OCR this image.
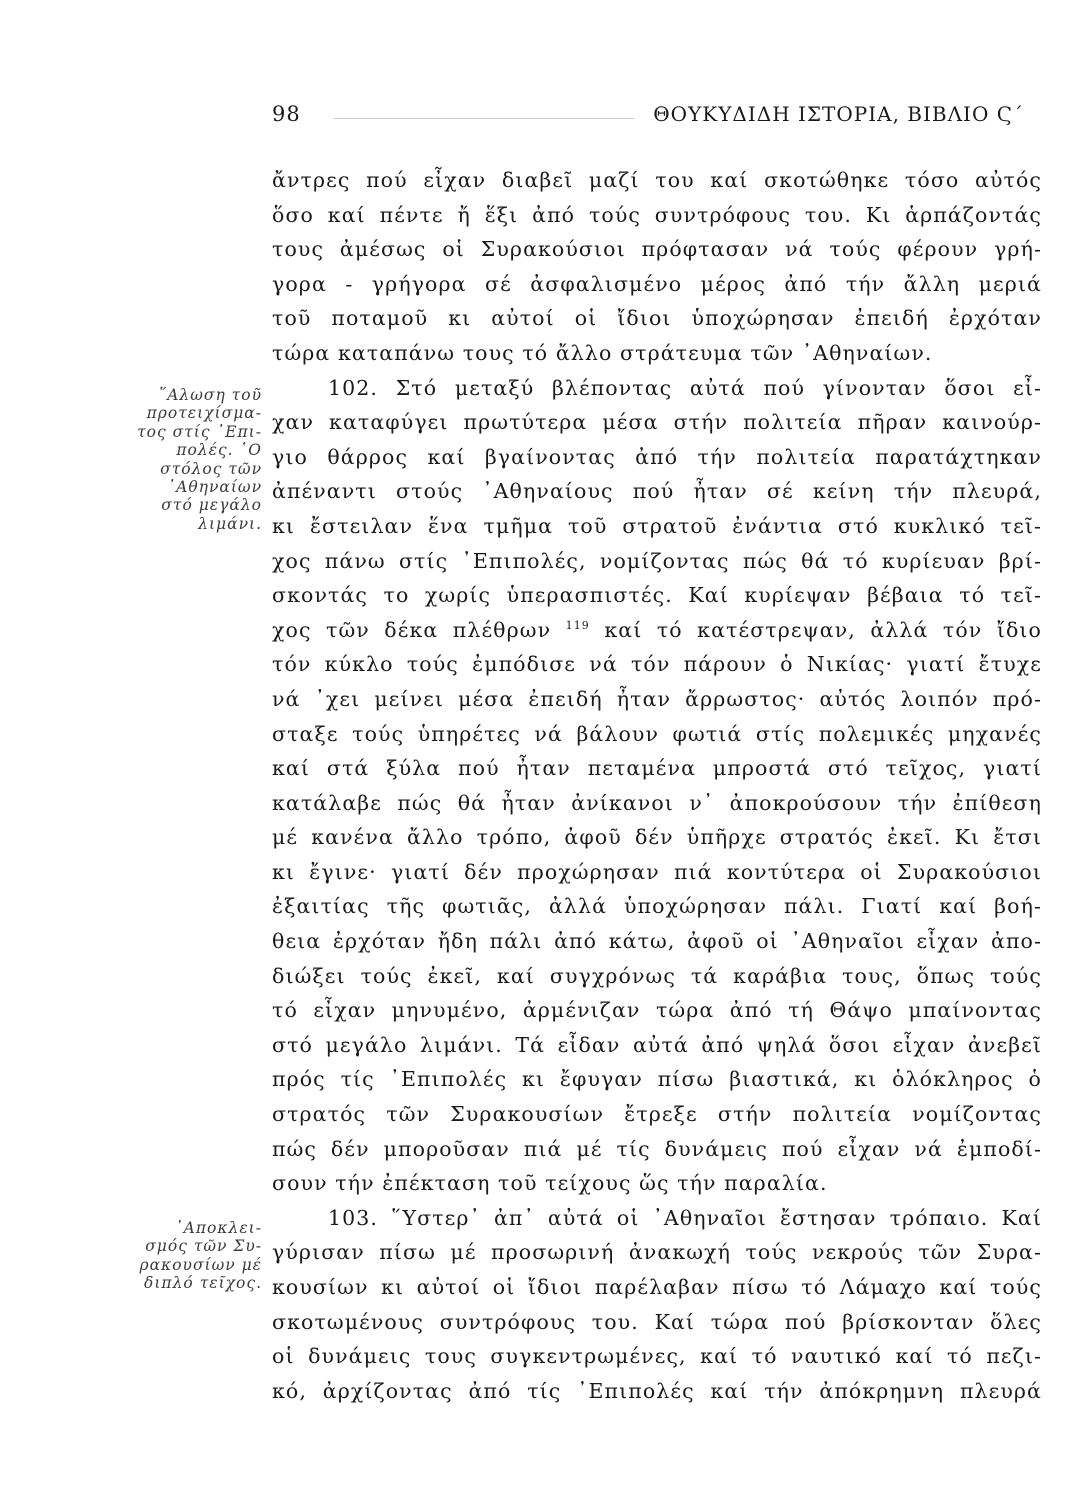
98	ΘΟΥΚΥΔΙΔΗ ΙΣΤΟΡΙΑ, ΒΙΒΛΙΟ Ϛ΄
῞Αλωση τοῦ
προτειχίσμα-
τος στίς ᾿Επι-
πολές. ῾Ο
στόλος τῶν
᾿Αθηναίων
στό μεγάλο
λιμάνι.
᾿Αποκλει-
σμός τῶν Συ-
ρακουσίων μέ
διπλό τεῖχος.
ἄντρες πού εἶχαν διαβεῖ μαζί του καί σκοτώθηκε τόσο αὐτός
ὅσο καί πέντε ἤ ἕξι ἀπό τούς συντρόφους του. Κι ἁρπάζοντάς
τους ἀμέσως οἱ Συρακούσιοι πρόφτασαν νά τούς φέρουν γρή-
γορα - γρήγορα σέ ἀσφαλισμένο μέρος ἀπό τήν ἄλλη μεριά
τοῦ ποταμοῦ κι αὐτοί οἱ ἴδιοι ὑποχώρησαν ἐπειδή ἐρχόταν
τώρα καταπάνω τους τό ἄλλο στράτευμα τῶν ᾿Αθηναίων.
102. Στό μεταξύ βλέποντας αὐτά πού γίνονταν ὅσοι εἶ-
χαν καταφύγει πρωτύτερα μέσα στήν πολιτεία πῆραν καινούρ-
γιο θάρρος καί βγαίνοντας ἀπό τήν πολιτεία παρατάχτηκαν
ἀπέναντι στούς ᾿Αθηναίους πού ἦταν σέ κείνη τήν πλευρά,
κι ἔστειλαν ἕνα τμῆμα τοῦ στρατοῦ ἐνάντια στό κυκλικό τεῖ-
χος πάνω στίς ᾿Επιπολές, νομίζοντας πώς θά τό κυρίευαν βρί-
σκοντάς το χωρίς ὑπερασπιστές. Καί κυρίεψαν βέβαια τό τεῖ-
χος τῶν δέκα πλέθρων $^{119}$ καί τό κατέστρεψαν, ἀλλά τόν ἴδιο
τόν κύκλο τούς ἐμπόδισε νά τόν πάρουν ὁ Νικίας· γιατί ἔτυχε
νά ᾿χει μείνει μέσα ἐπειδή ἦταν ἄρρωστος· αὐτός λοιπόν πρό-
σταξε τούς ὑπηρέτες νά βάλουν φωτιά στίς πολεμικές μηχανές
καί στά ξύλα πού ἦταν πεταμένα μπροστά στό τεῖχος, γιατί
κατάλαβε πώς θά ἦταν ἀνίκανοι ν᾿ ἀποκρούσουν τήν ἐπίθεση
μέ κανένα ἄλλο τρόπο, ἀφοῦ δέν ὑπῆρχε στρατός ἐκεῖ. Κι ἔτσι
κι ἔγινε· γιατί δέν προχώρησαν πιά κοντύτερα οἱ Συρακούσιοι
ἐξαιτίας τῆς φωτιᾶς, ἀλλά ὑποχώρησαν πάλι. Γιατί καί βοή-
θεια ἐρχόταν ἤδη πάλι ἀπό κάτω, ἀφοῦ οἱ ᾿Αθηναῖοι εἶχαν ἀπο-
διώξει τούς ἐκεῖ, καί συγχρόνως τά καράβια τους, ὅπως τούς
τό εἶχαν μηνυμένο, ἀρμένιζαν τώρα ἀπό τή Θάψο μπαίνοντας
στό μεγάλο λιμάνι. Τά εἶδαν αὐτά ἀπό ψηλά ὅσοι εἶχαν ἀνεβεῖ
πρός τίς ᾿Επιπολές κι ἔφυγαν πίσω βιαστικά, κι ὁλόκληρος ὁ
στρατός τῶν Συρακουσίων ἔτρεξε στήν πολιτεία νομίζοντας
πώς δέν μποροῦσαν πιά μέ τίς δυνάμεις πού εἶχαν νά ἐμποδί-
σουν τήν ἐπέκταση τοῦ τείχους ὥς τήν παραλία.
103. ῞Υστερ᾿ ἀπ᾿ αὐτά οἱ ᾿Αθηναῖοι ἔστησαν τρόπαιο. Καί
γύρισαν πίσω μέ προσωρινή ἀνακωχή τούς νεκρούς τῶν Συρα-
κουσίων κι αὐτοί οἱ ἴδιοι παρέλαβαν πίσω τό Λάμαχο καί τούς
σκοτωμένους συντρόφους του. Καί τώρα πού βρίσκονταν ὅλες
οἱ δυνάμεις τους συγκεντρωμένες, καί τό ναυτικό καί τό πεζι-
κό, ἀρχίζοντας ἀπό τίς ᾿Επιπολές καί τήν ἀπόκρημνη πλευρά
